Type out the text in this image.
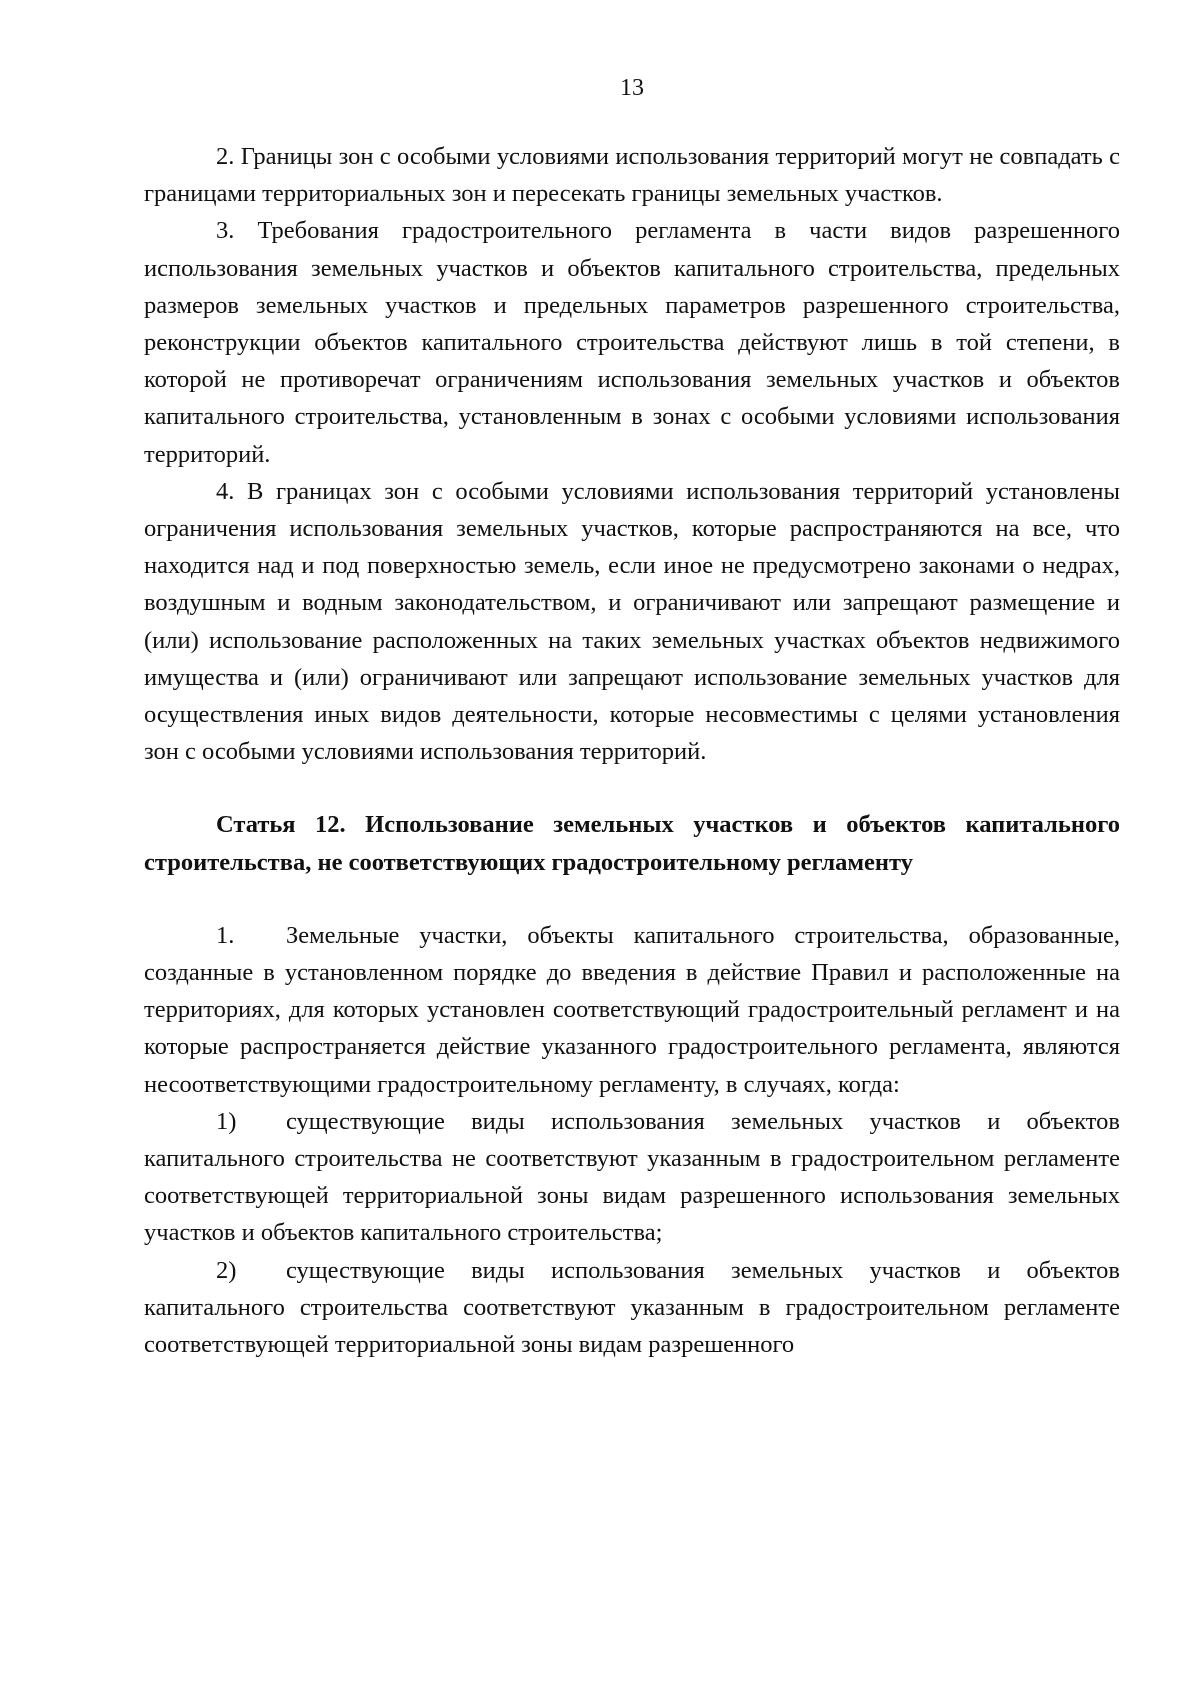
13

2. Границы зон с особыми условиями использования территорий могут не совпадать с границами территориальных зон и пересекать границы земельных участков.

3. Требования градостроительного регламента в части видов разрешенного использования земельных участков и объектов капитального строительства, предельных размеров земельных участков и предельных параметров разрешенного строительства, реконструкции объектов капитального строительства действуют лишь в той степени, в которой не противоречат ограничениям использования земельных участков и объектов капитального строительства, установленным в зонах с особыми условиями использования территорий.

4. В границах зон с особыми условиями использования территорий установлены ограничения использования земельных участков, которые распространяются на все, что находится над и под поверхностью земель, если иное не предусмотрено законами о недрах, воздушным и водным законодательством, и ограничивают или запрещают размещение и (или) использование расположенных на таких земельных участках объектов недвижимого имущества и (или) ограничивают или запрещают использование земельных участков для осуществления иных видов деятельности, которые несовместимы с целями установления зон с особыми условиями использования территорий.

Статья 12. Использование земельных участков и объектов капитального строительства, не соответствующих градостроительному регламенту

1. Земельные участки, объекты капитального строительства, образованные, созданные в установленном порядке до введения в действие Правил и расположенные на территориях, для которых установлен соответствующий градостроительный регламент и на которые распространяется действие указанного градостроительного регламента, являются несоответствующими градостроительному регламенту, в случаях, когда:

1) существующие виды использования земельных участков и объектов капитального строительства не соответствуют указанным в градостроительном регламенте соответствующей территориальной зоны видам разрешенного использования земельных участков и объектов капитального строительства;

2) существующие виды использования земельных участков и объектов капитального строительства соответствуют указанным в градостроительном регламенте соответствующей территориальной зоны видам разрешенного
